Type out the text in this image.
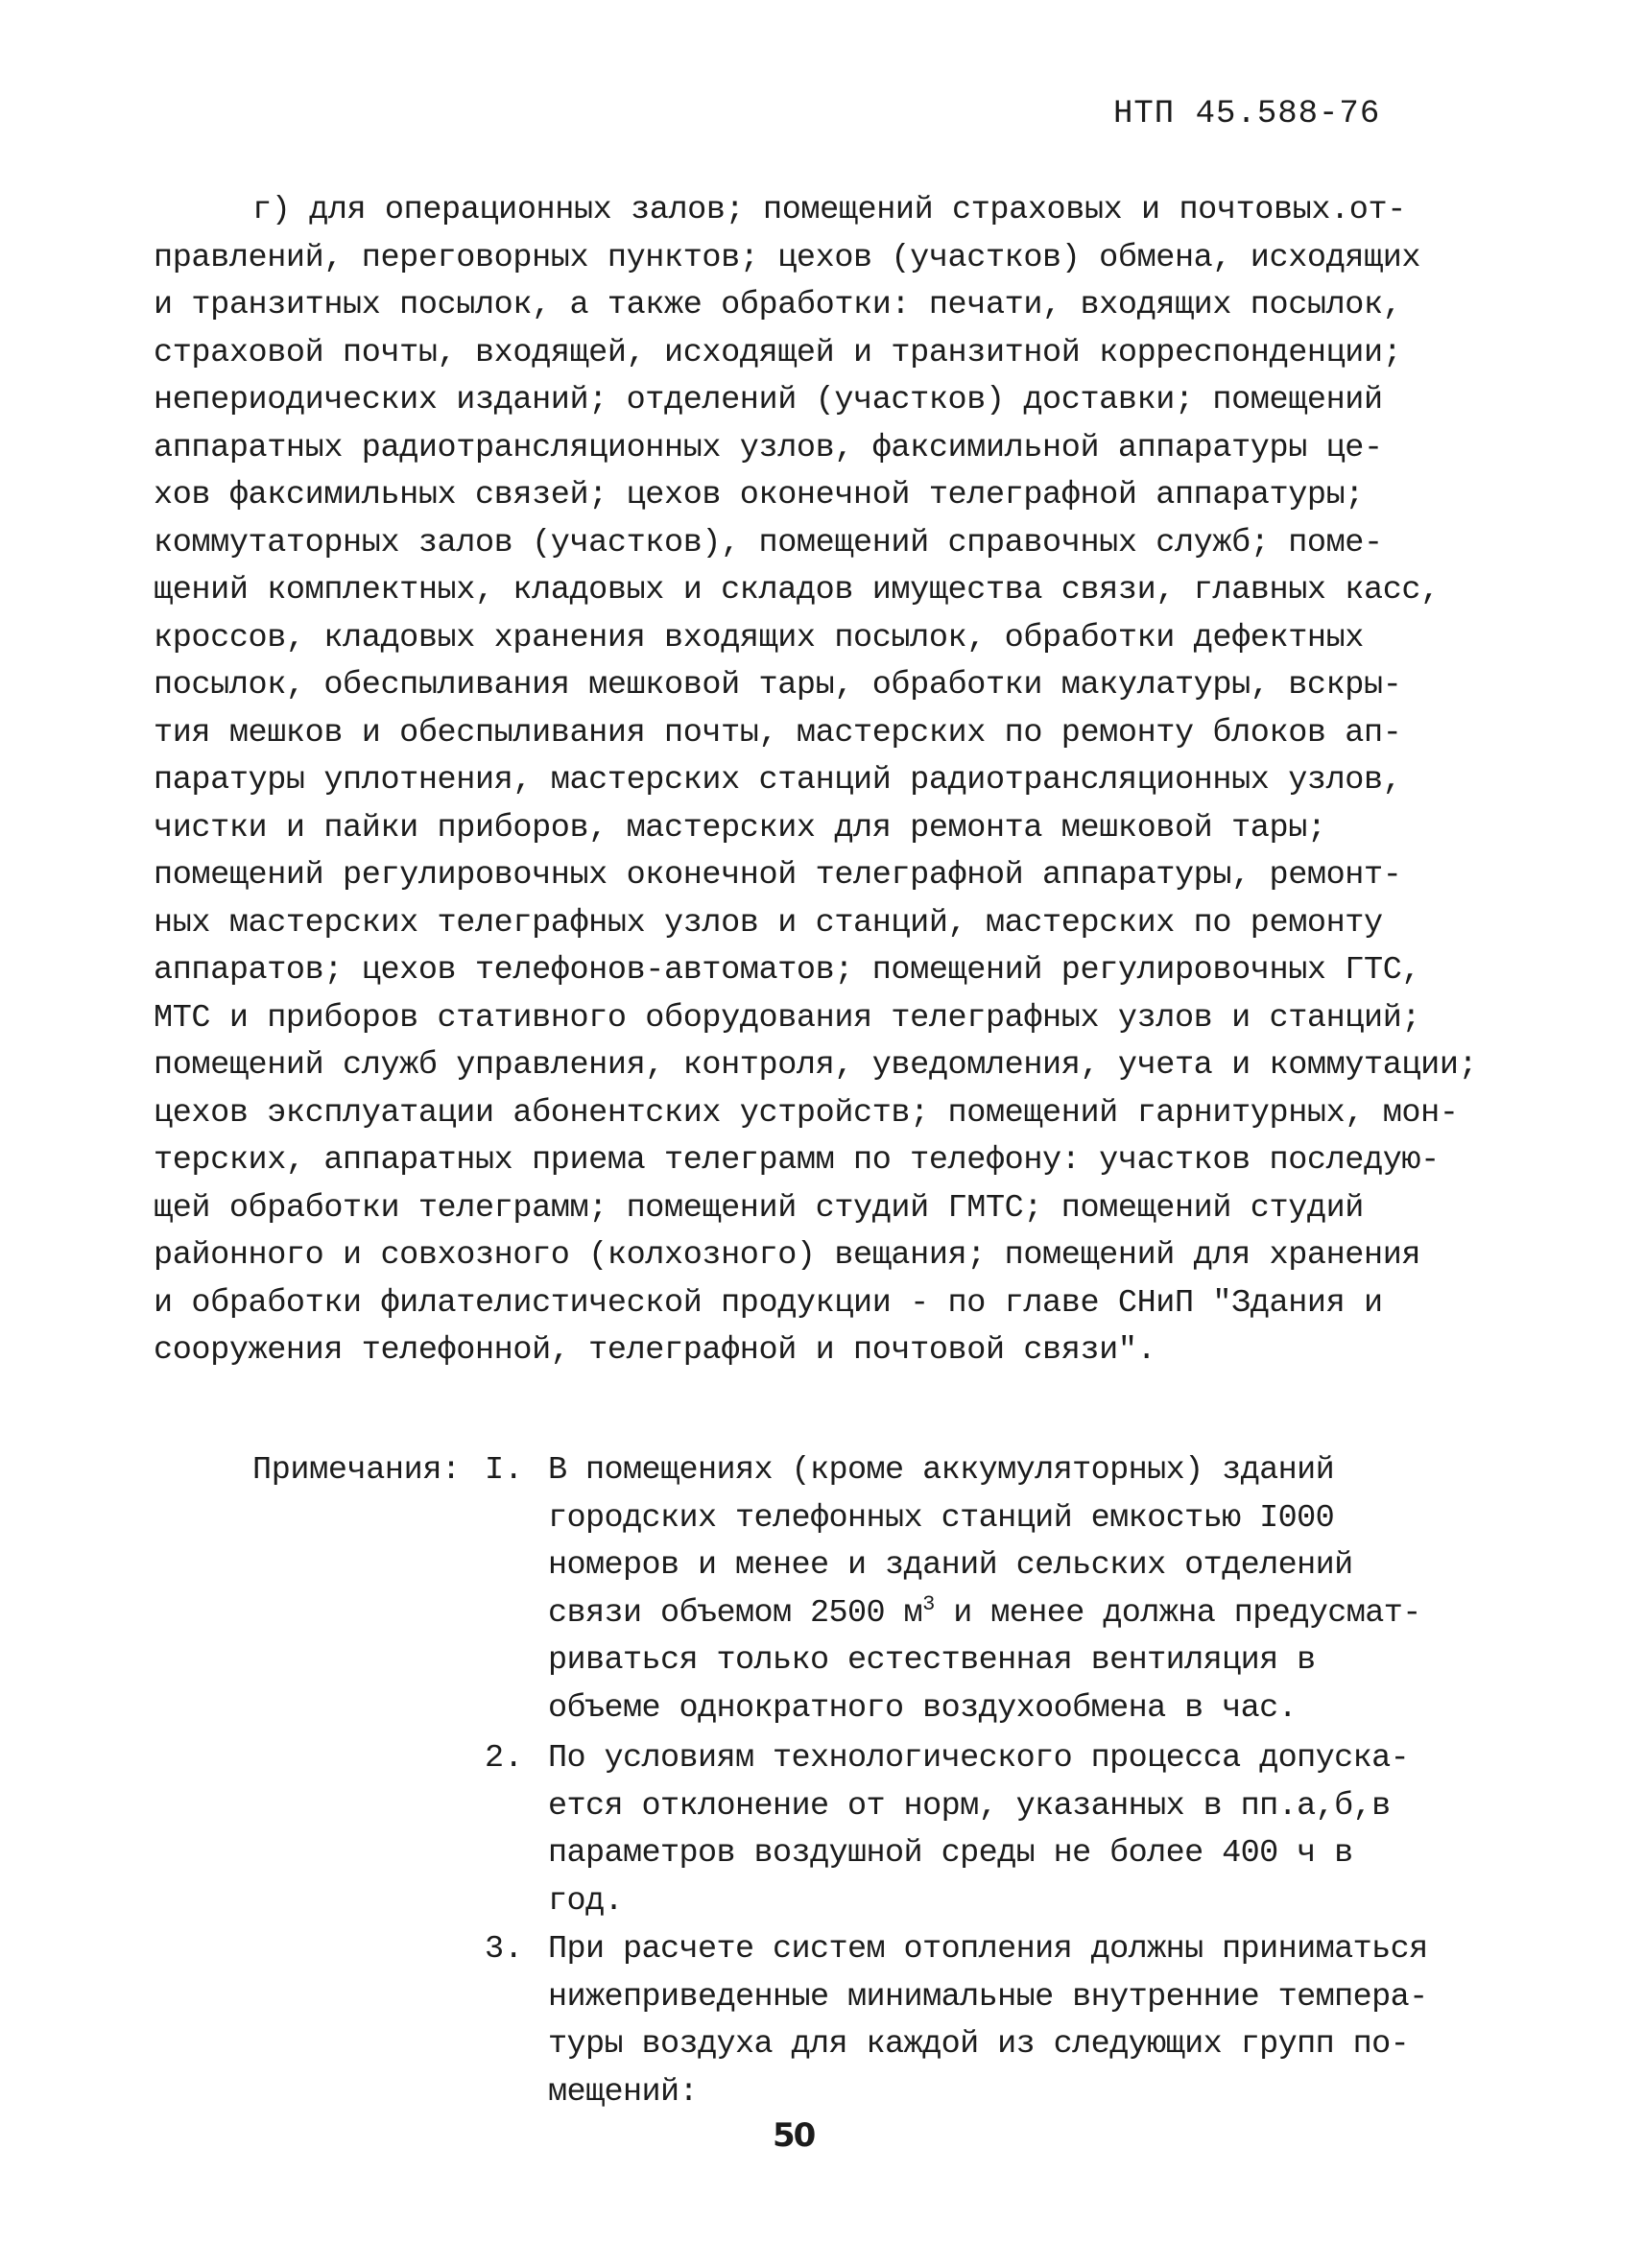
НТП 45.588-76
г) для операционных залов; помещений страховых и почтовых.от-
правлений, переговорных пунктов; цехов (участков) обмена, исходящих
и транзитных посылок, а также обработки: печати, входящих посылок,
страховой почты, входящей, исходящей и транзитной корреспонденции;
непериодических изданий; отделений (участков) доставки; помещений
аппаратных радиотрансляционных узлов, факсимильной аппаратуры це-
хов факсимильных связей; цехов оконечной телеграфной аппаратуры;
коммутаторных залов (участков), помещений справочных служб; поме-
щений комплектных, кладовых и складов имущества связи, главных касс,
кроссов, кладовых хранения входящих посылок, обработки дефектных
посылок, обеспыливания мешковой тары, обработки макулатуры, вскры-
тия мешков и обеспыливания почты, мастерских по ремонту блоков ап-
паратуры уплотнения, мастерских станций радиотрансляционных узлов,
чистки и пайки приборов, мастерских для ремонта мешковой тары;
помещений регулировочных оконечной телеграфной аппаратуры, ремонт-
ных мастерских телеграфных узлов и станций, мастерских по ремонту
аппаратов; цехов телефонов-автоматов; помещений регулировочных ГТС,
МТС и приборов стативного оборудования телеграфных узлов и станций;
помещений служб управления, контроля, уведомления, учета и коммутации;
цехов эксплуатации абонентских устройств; помещений гарнитурных, мон-
терских, аппаратных приема телеграмм по телефону: участков последую-
щей обработки телеграмм; помещений студий ГМТС; помещений студий
районного и совхозного (колхозного) вещания; помещений для хранения
и обработки филателистической продукции - по главе СНиП "Здания и
сооружения телефонной, телеграфной и почтовой связи".
Примечания: I. В помещениях (кроме аккумуляторных) зданий
городских телефонных станций емкостью I000
номеров и менее и зданий сельских отделений
связи объемом 2500 $м^3$ и менее должна предусмат-
риваться только естественная вентиляция в
объеме однократного воздухообмена в час.
2. По условиям технологического процесса допуска-
ется отклонение от норм, указанных в пп.а,б,в
параметров воздушной среды не более 400 ч в
год.
3. При расчете систем отопления должны приниматься
нижеприведенные минимальные внутренние темпера-
туры воздуха для каждой из следующих групп по-
мещений:
50
